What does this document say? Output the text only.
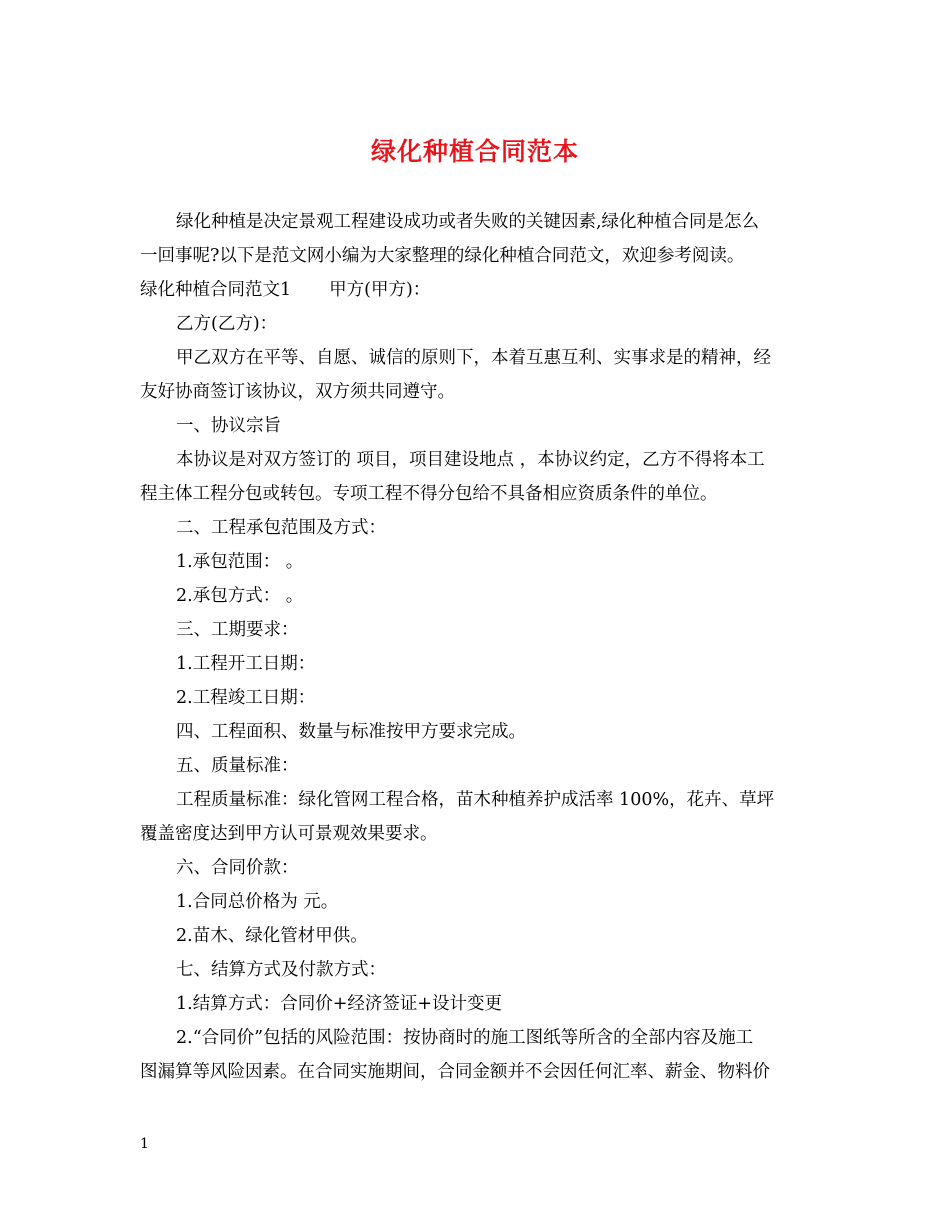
绿化种植合同范本

绿化种植是决定景观工程建设成功或者失败的关键因素,绿化种植合同是怎么

一回事呢?以下是范文网小编为大家整理的绿化种植合同范文，欢迎参考阅读。

绿化种植合同范文1 甲方(甲方)：

乙方(乙方)：

甲乙双方在平等、自愿、诚信的原则下，本着互惠互利、实事求是的精神，经

友好协商签订该协议，双方须共同遵守。

一、协议宗旨

本协议是对双方签订的 项目，项目建设地点 ，本协议约定，乙方不得将本工

程主体工程分包或转包。专项工程不得分包给不具备相应资质条件的单位。

二、工程承包范围及方式：

1.承包范围： 。

2.承包方式： 。

三、工期要求：

1.工程开工日期：

2.工程竣工日期：

四、工程面积、数量与标准按甲方要求完成。

五、质量标准：

工程质量标准：绿化管网工程合格，苗木种植养护成活率 100%，花卉、草坪

覆盖密度达到甲方认可景观效果要求。

六、合同价款：

1.合同总价格为 元。

2.苗木、绿化管材甲供。

七、结算方式及付款方式：

1.结算方式：合同价+经济签证+设计变更

2.“合同价”包括的风险范围：按协商时的施工图纸等所含的全部内容及施工

图漏算等风险因素。在合同实施期间，合同金额并不会因任何汇率、薪金、物料价

1
